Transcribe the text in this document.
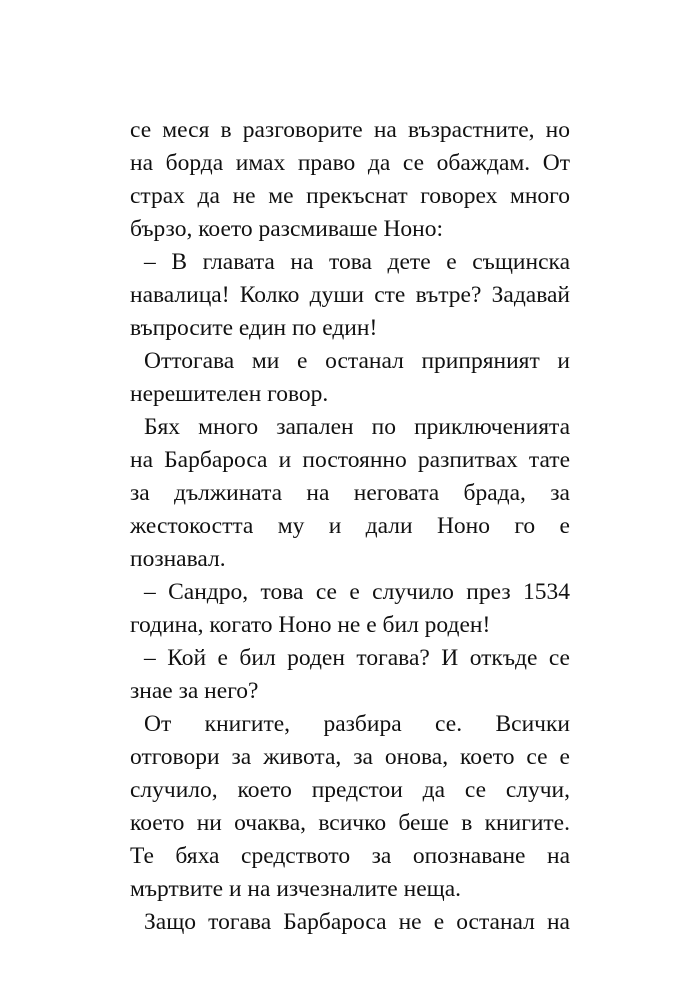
се меся в разговорите на възрастните, но
на борда имах право да се обаждам. От
страх да не ме прекъснат говорех много
бързо, което разсмиваше Ноно:
– В главата на това дете е същинска
навалица! Колко души сте вътре? Задавай
въпросите един по един!
Оттогава ми е останал припряният и
нерешителен говор.
Бях много запален по приключенията
на Барбароса и постоянно разпитвах тате
за дължината на неговата брада, за
жестокостта му и дали Ноно го е
познавал.
– Сандро, това се е случило през 1534
година, когато Ноно не е бил роден!
– Кой е бил роден тогава? И откъде се
знае за него?
От книгите, разбира се. Всички
отговори за живота, за онова, което се е
случило, което предстои да се случи,
което ни очаква, всичко беше в книгите.
Те бяха средството за опознаване на
мъртвите и на изчезналите неща.
Защо тогава Барбароса не е останал на
